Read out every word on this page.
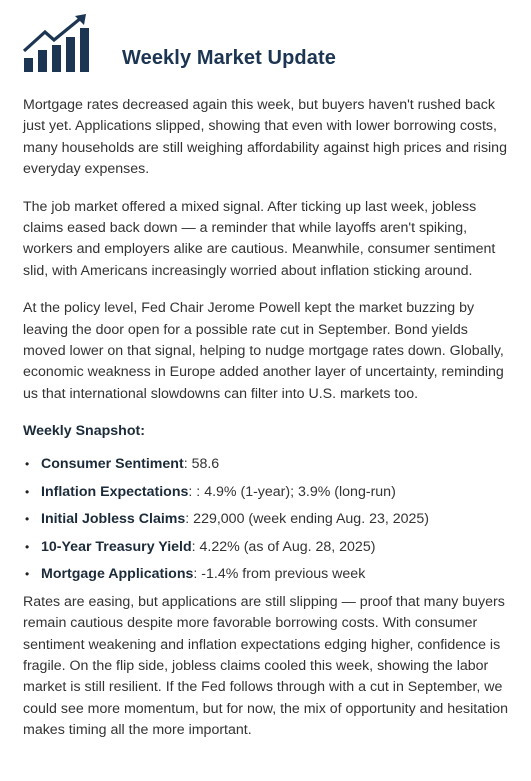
Weekly Market Update

Mortgage rates decreased again this week, but buyers haven't rushed back just yet. Applications slipped, showing that even with lower borrowing costs, many households are still weighing affordability against high prices and rising everyday expenses.

The job market offered a mixed signal. After ticking up last week, jobless claims eased back down — a reminder that while layoffs aren't spiking, workers and employers alike are cautious. Meanwhile, consumer sentiment slid, with Americans increasingly worried about inflation sticking around.

At the policy level, Fed Chair Jerome Powell kept the market buzzing by leaving the door open for a possible rate cut in September. Bond yields moved lower on that signal, helping to nudge mortgage rates down. Globally, economic weakness in Europe added another layer of uncertainty, reminding us that international slowdowns can filter into U.S. markets too.

Weekly Snapshot:
• Consumer Sentiment: 58.6
• Inflation Expectations: : 4.9% (1-year); 3.9% (long-run)
• Initial Jobless Claims: 229,000 (week ending Aug. 23, 2025)
• 10-Year Treasury Yield: 4.22% (as of Aug. 28, 2025)
• Mortgage Applications: -1.4% from previous week

Rates are easing, but applications are still slipping — proof that many buyers remain cautious despite more favorable borrowing costs. With consumer sentiment weakening and inflation expectations edging higher, confidence is fragile. On the flip side, jobless claims cooled this week, showing the labor market is still resilient. If the Fed follows through with a cut in September, we could see more momentum, but for now, the mix of opportunity and hesitation makes timing all the more important.
